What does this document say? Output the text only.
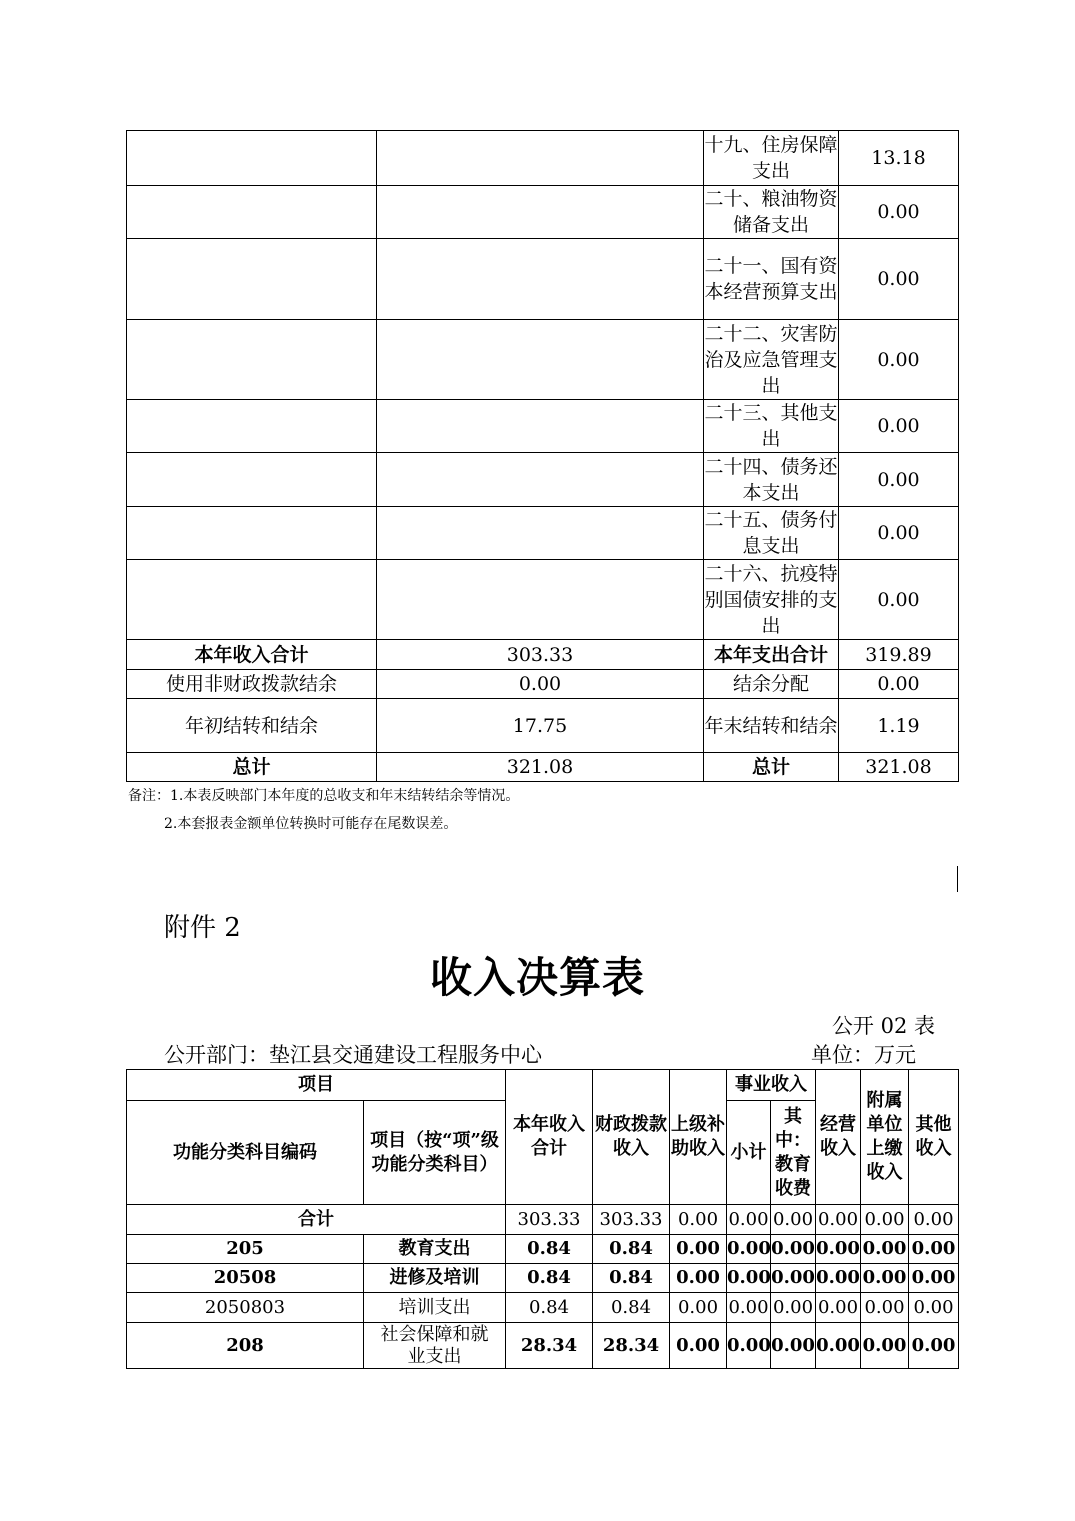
		十九、住房保障支出	13.18
		二十、粮油物资储备支出	0.00
		二十一、国有资本经营预算支出	0.00
		二十二、灾害防治及应急管理支出	0.00
		二十三、其他支出	0.00
		二十四、债务还本支出	0.00
		二十五、债务付息支出	0.00
		二十六、抗疫特别国债安排的支出	0.00
本年收入合计	303.33	本年支出合计	319.89
使用非财政拨款结余	0.00	结余分配	0.00
年初结转和结余	17.75	年末结转和结余	1.19
总计	321.08	总计	321.08
备注：1.本表反映部门本年度的总收支和年末结转结余等情况。
2.本套报表金额单位转换时可能存在尾数误差。
附件 2
收入决算表
公开 02 表
公开部门：垫江县交通建设工程服务中心	单位：万元
项目		本年收入合计	财政拨款收入	上级补助收入	事业收入		经营收入	附属单位上缴收入	其他收入
功能分类科目编码	项目（按“项”级功能分类科目）				小计	其中：教育收费			
合计		303.33	303.33	0.00	0.00	0.00	0.00	0.00	0.00
205	教育支出	0.84	0.84	0.00	0.00	0.00	0.00	0.00	0.00
20508	进修及培训	0.84	0.84	0.00	0.00	0.00	0.00	0.00	0.00
2050803	培训支出	0.84	0.84	0.00	0.00	0.00	0.00	0.00	0.00
208	社会保障和就业支出	28.34	28.34	0.00	0.00	0.00	0.00	0.00	0.00
